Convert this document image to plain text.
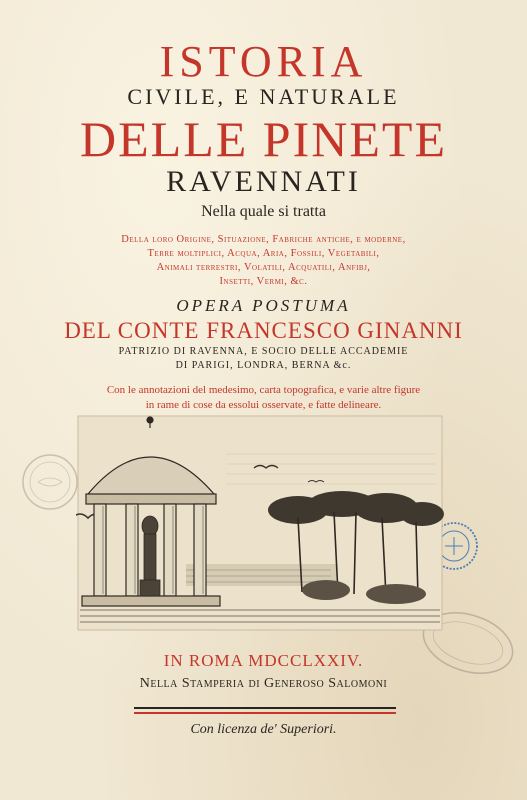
ISTORIA
CIVILE, E NATURALE
DELLE PINETE
RAVENNATI
Nella quale si tratta
Della loro Origine, Situazione, Fabriche antiche, e moderne,
Terre moltiplici, Acqua, Aria, Fossili, Vegetabili,
Animali terrestri, Volatili, Acquatili, Anfibj,
Insetti, Vermi, &c.
OPERA POSTUMA
DEL CONTE FRANCESCO GINANNI
PATRIZIO DI RAVENNA, E SOCIO DELLE ACCADEMIE
DI PARIGI, LONDRA, BERNA &c.
Con le annotazioni del medesimo, carta topografica, e varie altre figure
in rame di cose da essolui osservate, e fatte delineare.
IN ROMA MDCCLXXIV.
Nella Stamperia di Generoso Salomoni
Con licenza de' Superiori.
